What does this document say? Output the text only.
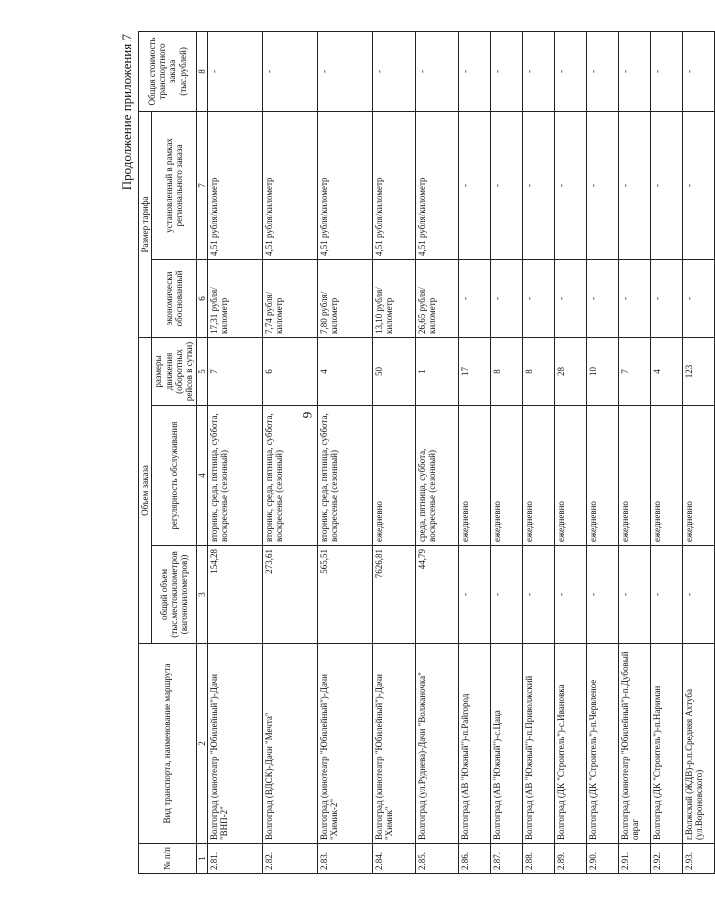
9
Продолжение приложения 7
№ п/п	Вид транспорта, наименование маршрута	Объем заказа			Размер тарифа		Общая стоимость транспортного заказа (тыс.рублей)
		общий объем (тыс.местокилометров (вагонокилометров))	регулярность обслуживания	размеры движения (оборотных рейсов в сутки)	экономически обоснованный	установленный в рамках регионального заказа	
1	2	3	4	5	6	7	8
2.81.	Волгоград (кинотеатр "Юбилейный")-Дачи "ВНП-2"	154,28	вторник, среда, пятница, суббота, воскресенье (сезонный)	7	17,31 рубля/ километр	4,51 рубля/километр	-
2.82.	Волгоград (ВДСК)-Дачи "Мечта"	273,61	вторник, среда, пятница, суббота, воскресенье (сезонный)	6	7,74 рубля/ километр	4,51 рубля/километр	-
2.83.	Волгоград (кинотеатр "Юбилейный")-Дачи "Химик-2"	565,51	вторник, среда, пятница, суббота, воскресенье (сезонный)	4	7,80 рубля/ километр	4,51 рубля/километр	-
2.84.	Волгоград (кинотеатр "Юбилейный")-Дачи "Химик"	7626,81	ежедневно	50	13,10 рубля/ километр	4,51 рубля/километр	-
2.85.	Волгоград (ул.Руднева)-Дачи "Волжаночка"	44,79	среда, пятница, суббота, воскресенье (сезонный)	1	26,65 рубля/ километр	4,51 рубля/километр	-
2.86.	Волгоград (АВ "Южный")-п.Райгород	-	ежедневно	17	-	-	-
2.87.	Волгоград (АВ "Южный")-с.Цаца	-	ежедневно	8	-	-	-
2.88.	Волгоград (АВ "Южный")-п.Приволжский	-	ежедневно	8	-	-	-
2.89.	Волгоград (ДК "Строитель")-с.Ивановка	-	ежедневно	28	-	-	-
2.90.	Волгоград (ДК "Строитель")-п.Червленое	-	ежедневно	10	-	-	-
2.91.	Волгоград (кинотеатр "Юбилейный")-п.Дубовый овраг	-	ежедневно	7	-	-	-
2.92.	Волгоград (ДК "Строитель")-п.Нариман	-	ежедневно	4	-	-	-
2.93.	г.Волжский (ЖДВ)-р.п.Средняя Ахтуба (ул.Вороновского)	-	ежедневно	123	-	-	-
